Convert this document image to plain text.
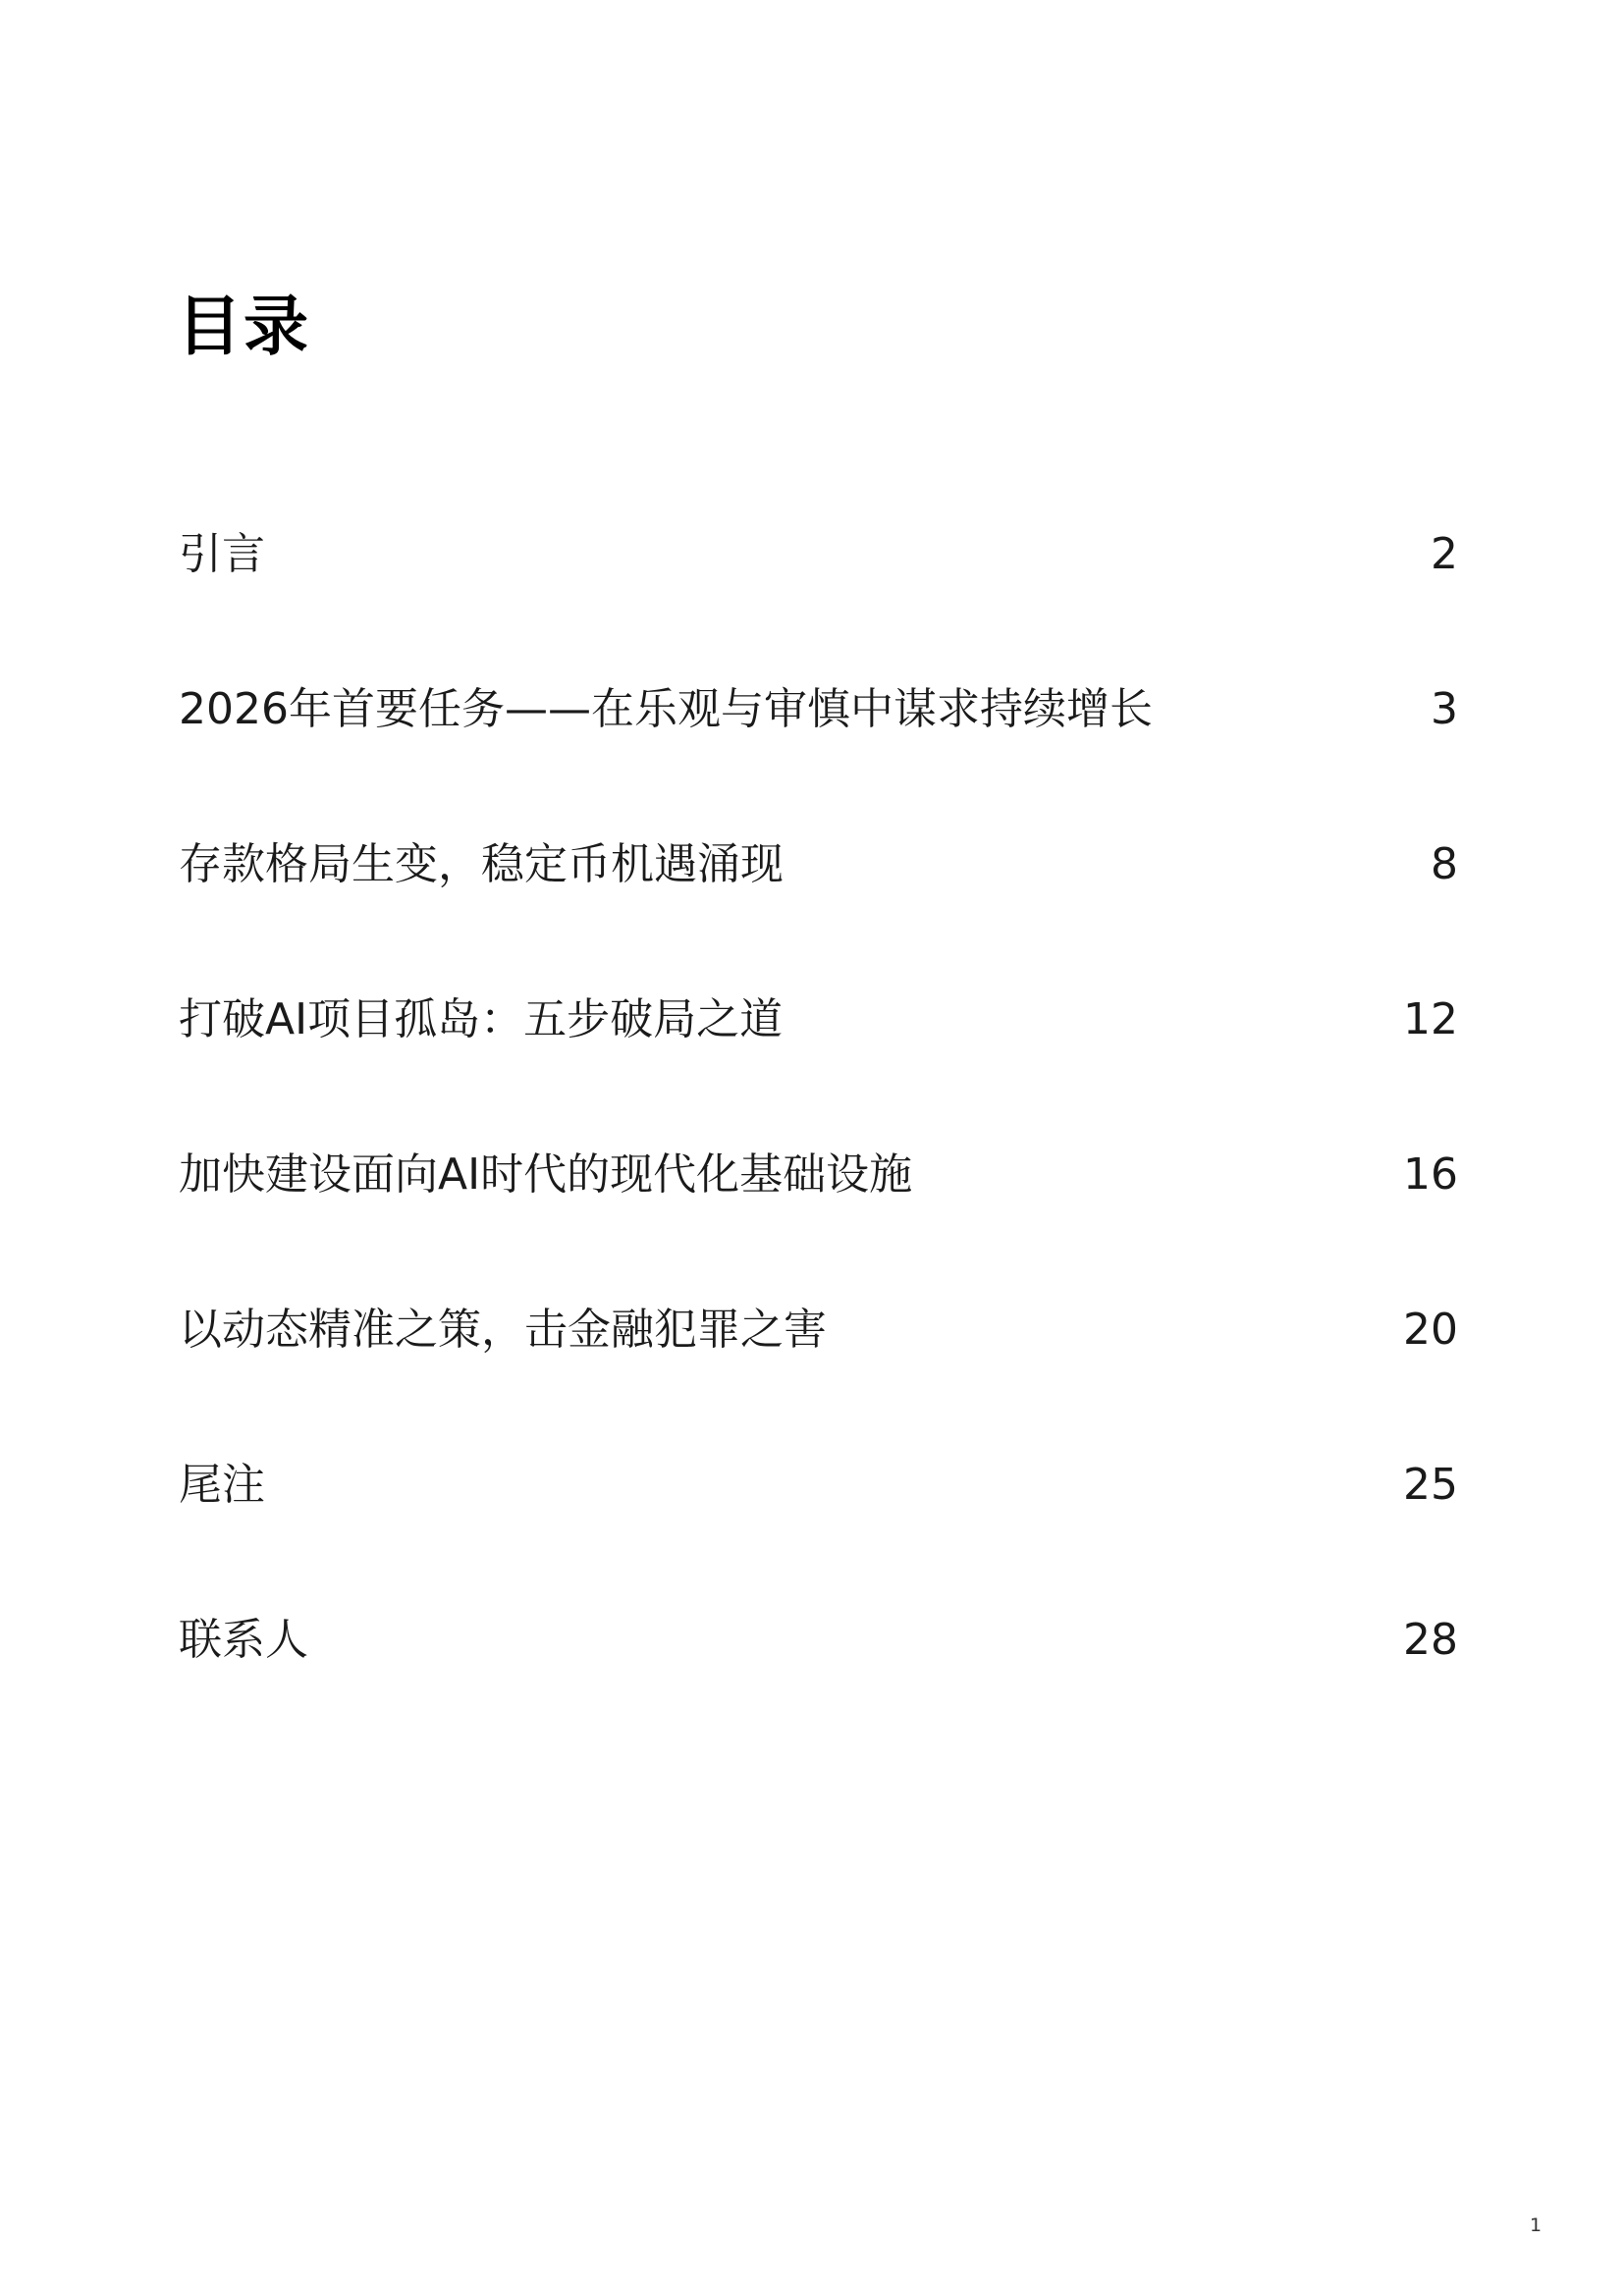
目录
引言	2
2026年首要任务——在乐观与审慎中谋求持续增长	3
存款格局生变，稳定币机遇涌现	8
打破AI项目孤岛：五步破局之道	12
加快建设面向AI时代的现代化基础设施	16
以动态精准之策，击金融犯罪之害	20
尾注	25
联系人	28
1
